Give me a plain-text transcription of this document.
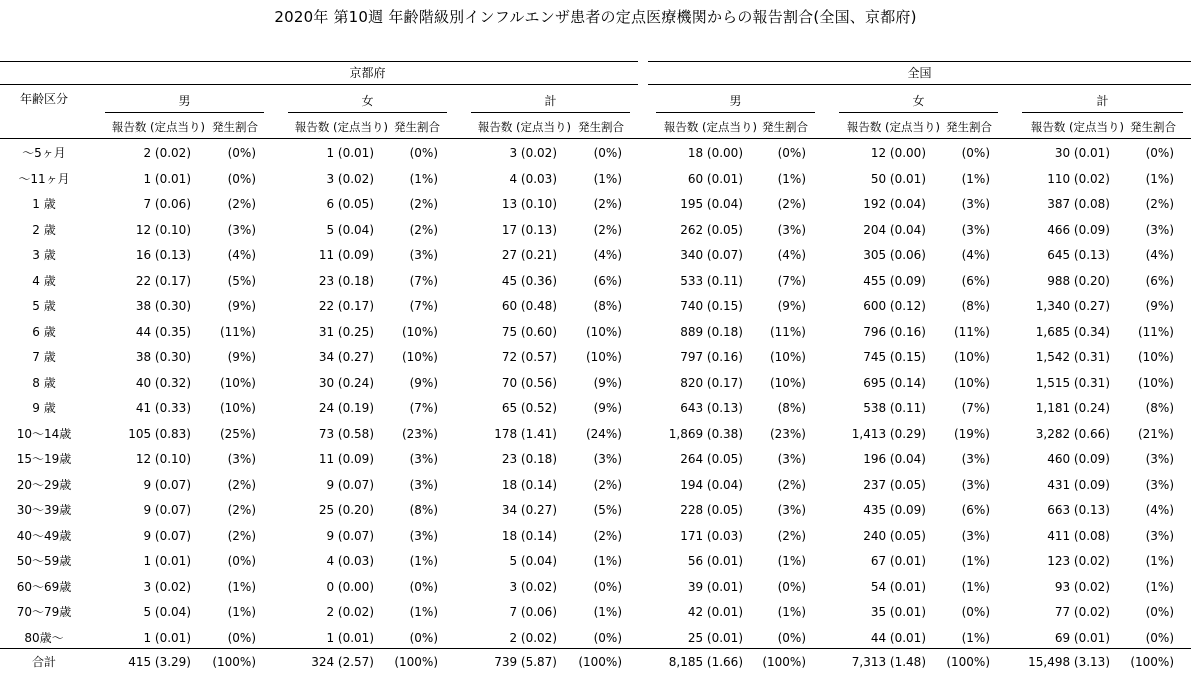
2020年 第10週 年齢階級別インフルエンザ患者の定点医療機関からの報告割合(全国、京都府)
京都府	全国
年齢区分	男
報告数 (定点当り) 発生割合
女
報告数 (定点当り) 発生割合
計
報告数 (定点当り) 発生割合
男
報告数 (定点当り) 発生割合
女
報告数 (定点当り) 発生割合
計
報告数 (定点当り) 発生割合
〜5ヶ月	2 (0.02)	(0%)	1 (0.01)	(0%)	3 (0.02)	(0%)	18 (0.00)	(0%)	12 (0.00)	(0%)	30 (0.01)	(0%)
〜11ヶ月	1 (0.01)	(0%)	3 (0.02)	(1%)	4 (0.03)	(1%)	60 (0.01)	(1%)	50 (0.01)	(1%)	110 (0.02)	(1%)
1 歳	7 (0.06)	(2%)	6 (0.05)	(2%)	13 (0.10)	(2%)	195 (0.04)	(2%)	192 (0.04)	(3%)	387 (0.08)	(2%)
2 歳	12 (0.10)	(3%)	5 (0.04)	(2%)	17 (0.13)	(2%)	262 (0.05)	(3%)	204 (0.04)	(3%)	466 (0.09)	(3%)
3 歳	16 (0.13)	(4%)	11 (0.09)	(3%)	27 (0.21)	(4%)	340 (0.07)	(4%)	305 (0.06)	(4%)	645 (0.13)	(4%)
4 歳	22 (0.17)	(5%)	23 (0.18)	(7%)	45 (0.36)	(6%)	533 (0.11)	(7%)	455 (0.09)	(6%)	988 (0.20)	(6%)
5 歳	38 (0.30)	(9%)	22 (0.17)	(7%)	60 (0.48)	(8%)	740 (0.15)	(9%)	600 (0.12)	(8%)	1,340 (0.27)	(9%)
6 歳	44 (0.35)	(11%)	31 (0.25)	(10%)	75 (0.60)	(10%)	889 (0.18)	(11%)	796 (0.16)	(11%)	1,685 (0.34)	(11%)
7 歳	38 (0.30)	(9%)	34 (0.27)	(10%)	72 (0.57)	(10%)	797 (0.16)	(10%)	745 (0.15)	(10%)	1,542 (0.31)	(10%)
8 歳	40 (0.32)	(10%)	30 (0.24)	(9%)	70 (0.56)	(9%)	820 (0.17)	(10%)	695 (0.14)	(10%)	1,515 (0.31)	(10%)
9 歳	41 (0.33)	(10%)	24 (0.19)	(7%)	65 (0.52)	(9%)	643 (0.13)	(8%)	538 (0.11)	(7%)	1,181 (0.24)	(8%)
10〜14歳	105 (0.83)	(25%)	73 (0.58)	(23%)	178 (1.41)	(24%)	1,869 (0.38)	(23%)	1,413 (0.29)	(19%)	3,282 (0.66)	(21%)
15〜19歳	12 (0.10)	(3%)	11 (0.09)	(3%)	23 (0.18)	(3%)	264 (0.05)	(3%)	196 (0.04)	(3%)	460 (0.09)	(3%)
20〜29歳	9 (0.07)	(2%)	9 (0.07)	(3%)	18 (0.14)	(2%)	194 (0.04)	(2%)	237 (0.05)	(3%)	431 (0.09)	(3%)
30〜39歳	9 (0.07)	(2%)	25 (0.20)	(8%)	34 (0.27)	(5%)	228 (0.05)	(3%)	435 (0.09)	(6%)	663 (0.13)	(4%)
40〜49歳	9 (0.07)	(2%)	9 (0.07)	(3%)	18 (0.14)	(2%)	171 (0.03)	(2%)	240 (0.05)	(3%)	411 (0.08)	(3%)
50〜59歳	1 (0.01)	(0%)	4 (0.03)	(1%)	5 (0.04)	(1%)	56 (0.01)	(1%)	67 (0.01)	(1%)	123 (0.02)	(1%)
60〜69歳	3 (0.02)	(1%)	0 (0.00)	(0%)	3 (0.02)	(0%)	39 (0.01)	(0%)	54 (0.01)	(1%)	93 (0.02)	(1%)
70〜79歳	5 (0.04)	(1%)	2 (0.02)	(1%)	7 (0.06)	(1%)	42 (0.01)	(1%)	35 (0.01)	(0%)	77 (0.02)	(0%)
80歳〜	1 (0.01)	(0%)	1 (0.01)	(0%)	2 (0.02)	(0%)	25 (0.01)	(0%)	44 (0.01)	(1%)	69 (0.01)	(0%)
合計	415 (3.29)	(100%)	324 (2.57)	(100%)	739 (5.87)	(100%)	8,185 (1.66)	(100%)	7,313 (1.48)	(100%)	15,498 (3.13)	(100%)
